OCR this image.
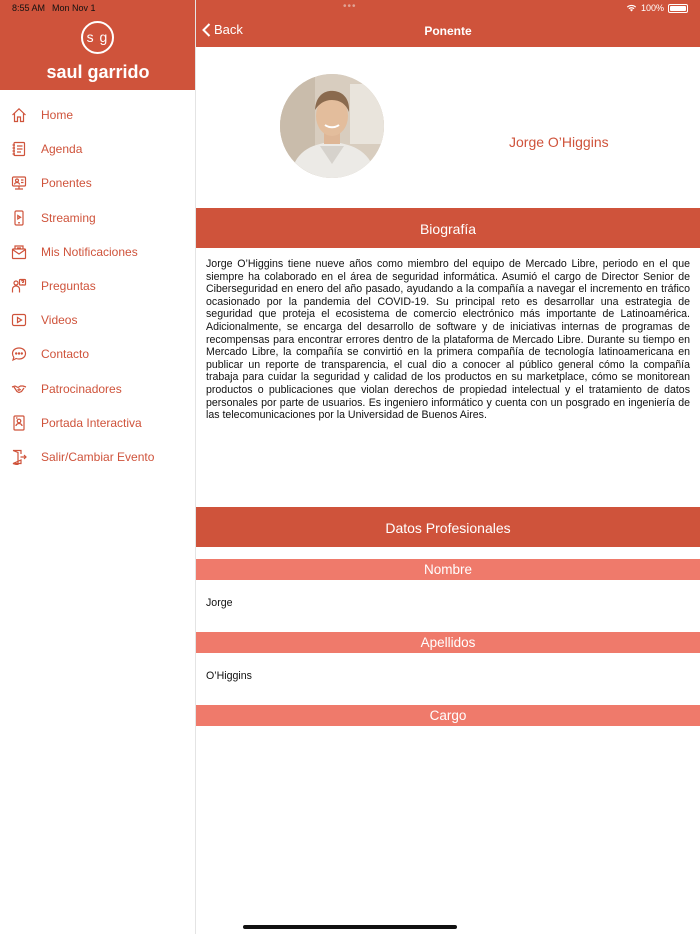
8:55 AM Mon Nov 1	•••	100%
s g
saul garrido
Home
Agenda
Ponentes
Streaming
Mis Notificaciones
Preguntas
Videos
Contacto
Patrocinadores
Portada Interactiva
Salir/Cambiar Evento
Back	Ponente
Jorge O’Higgins
Biografía
Jorge O’Higgins tiene nueve años como miembro del equipo de Mercado Libre, periodo en el que siempre ha colaborado en el área de seguridad informática. Asumió el cargo de Director Senior de Ciberseguridad en enero del año pasado, ayudando a la compañía a navegar el incremento en tráfico ocasionado por la pandemia del COVID-19. Su principal reto es desarrollar una estrategia de seguridad que proteja el ecosistema de comercio electrónico más importante de Latinoamérica. Adicionalmente, se encarga del desarrollo de software y de iniciativas internas de programas de recompensas para encontrar errores dentro de la plataforma de Mercado Libre. Durante su tiempo en Mercado Libre, la compañía se convirtió en la primera compañía de tecnología latinoamericana en publicar un reporte de transparencia, el cual dio a conocer al público general cómo la compañía trabaja para cuidar la seguridad y calidad de los productos en su marketplace, cómo se monitorean productos o publicaciones que violan derechos de propiedad intelectual y el tratamiento de datos personales por parte de usuarios. Es ingeniero informático y cuenta con un posgrado en ingeniería de las telecomunicaciones por la Universidad de Buenos Aires.
Datos Profesionales
Nombre
Jorge
Apellidos
O’Higgins
Cargo
